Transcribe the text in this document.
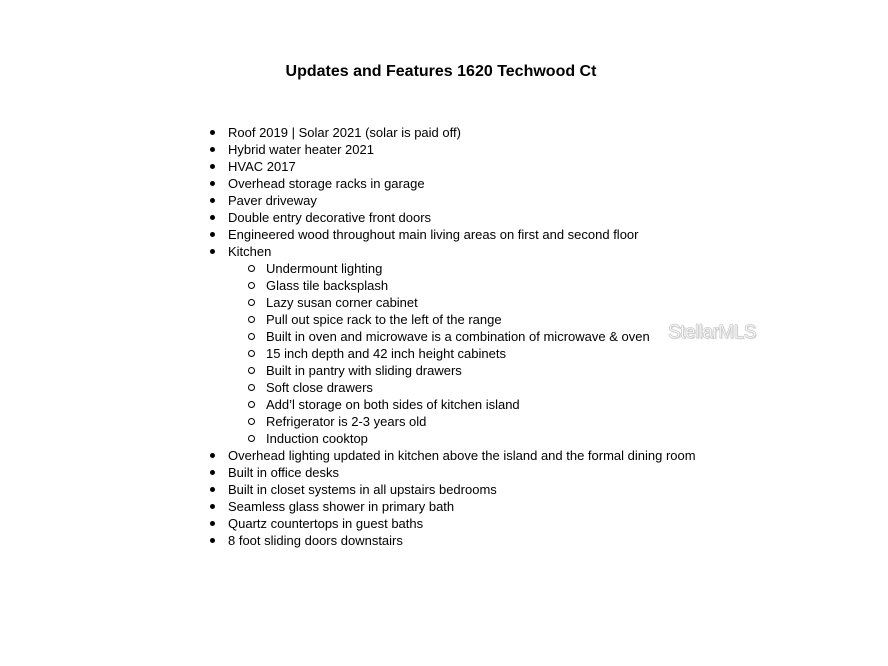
Updates and Features 1620 Techwood Ct
Roof 2019 | Solar 2021 (solar is paid off)
Hybrid water heater 2021
HVAC 2017
Overhead storage racks in garage
Paver driveway
Double entry decorative front doors
Engineered wood throughout main living areas on first and second floor
Kitchen
Undermount lighting
Glass tile backsplash
Lazy susan corner cabinet
Pull out spice rack to the left of the range
Built in oven and microwave is a combination of microwave & oven
15 inch depth and 42 inch height cabinets
Built in pantry with sliding drawers
Soft close drawers
Add’l storage on both sides of kitchen island
Refrigerator is 2-3 years old
Induction cooktop
Overhead lighting updated in kitchen above the island and the formal dining room
Built in office desks
Built in closet systems in all upstairs bedrooms
Seamless glass shower in primary bath
Quartz countertops in guest baths
8 foot sliding doors downstairs
StellarMLS
